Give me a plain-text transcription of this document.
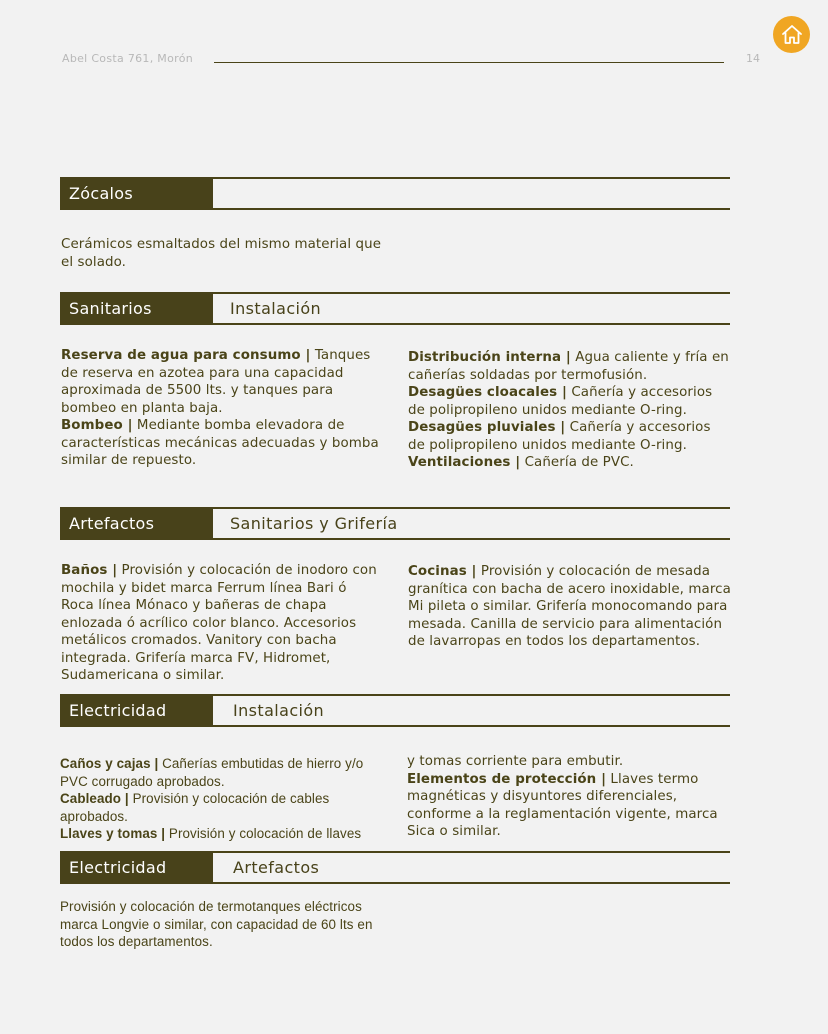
Abel Costa 761, Morón	14
Zócalos
Cerámicos esmaltados del mismo material que el solado.
Sanitarios	Instalación

Reserva de agua para consumo | Tanques de reserva en azotea para una capacidad aproximada de 5500 lts. y tanques para bombeo en planta baja.

Bombeo | Mediante bomba elevadora de características mecánicas adecuadas y bomba similar de repuesto.

Distribución interna | Agua caliente y fría en cañerías soldadas por termofusión.

Desagües cloacales | Cañería y accesorios de polipropileno unidos mediante O-ring.

Desagües pluviales | Cañería y accesorios de polipropileno unidos mediante O-ring.

Ventilaciones | Cañería de PVC.

Artefactos	Sanitarios y Grifería

Baños | Provisión y colocación de inodoro con mochila y bidet marca Ferrum línea Bari ó Roca línea Mónaco y bañeras de chapa enlozada ó acrílico color blanco. Accesorios metálicos cromados. Vanitory con bacha integrada. Grifería marca FV, Hidromet, Sudamericana o similar.

Cocinas | Provisión y colocación de mesada granítica con bacha de acero inoxidable, marca Mi pileta o similar. Grifería monocomando para mesada. Canilla de servicio para alimentación de lavarropas en todos los departamentos.

Electricidad	Instalación

Caños y cajas | Cañerías embutidas de hierro y/o PVC corrugado aprobados.

Cableado | Provisión y colocación de cables aprobados.

Llaves y tomas | Provisión y colocación de llaves

y tomas corriente para embutir.

Elementos de protección | Llaves termo magnéticas y disyuntores diferenciales, conforme a la reglamentación vigente, marca Sica o similar.

Electricidad	Artefactos
Provisión y colocación de termotanques eléctricos marca Longvie o similar, con capacidad de 60 lts en todos los departamentos.
